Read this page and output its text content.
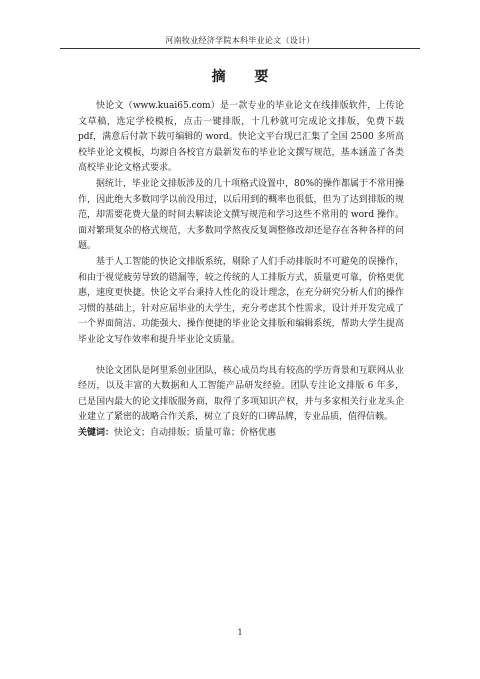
河南牧业经济学院本科毕业论文（设计）
摘 要

快论文（www.kuai65.com）是一款专业的毕业论文在线排版软件，上传论文草稿，选定学校模板，点击一键排版，十几秒就可完成论文排版，免费下载 pdf，满意后付款下载可编辑的 word。快论文平台现已汇集了全国 2500 多所高校毕业论文模板，均源自各校官方最新发布的毕业论文撰写规范，基本涵盖了各类高校毕业论文格式要求。

据统计，毕业论文排版涉及的几十项格式设置中，80%的操作都属于不常用操作，因此绝大多数同学以前没用过，以后用到的概率也很低，但为了达到排版的规范，却需要花费大量的时间去解读论文撰写规范和学习这些不常用的 word 操作。面对繁琐复杂的格式规范，大多数同学熬夜反复调整修改却还是存在各种各样的问题。

基于人工智能的快论文排版系统，剔除了人们手动排版时不可避免的误操作，和由于视觉疲劳导致的错漏等，较之传统的人工排版方式，质量更可靠，价格更优惠，速度更快捷。快论文平台秉持人性化的设计理念，在充分研究分析人们的操作习惯的基础上，针对应届毕业的大学生，充分考虑其个性需求，设计并开发完成了一个界面简洁、功能强大、操作便捷的毕业论文排版和编辑系统，帮助大学生提高毕业论文写作效率和提升毕业论文质量。

快论文团队是阿里系创业团队，核心成员均具有较高的学历背景和互联网从业经历，以及丰富的大数据和人工智能产品研发经验。团队专注论文排版 6 年多，已是国内最大的论文排版服务商，取得了多项知识产权，并与多家相关行业龙头企业建立了紧密的战略合作关系，树立了良好的口碑品牌，专业品质，值得信赖。

关键词：快论文；自动排版；质量可靠；价格优惠

1
